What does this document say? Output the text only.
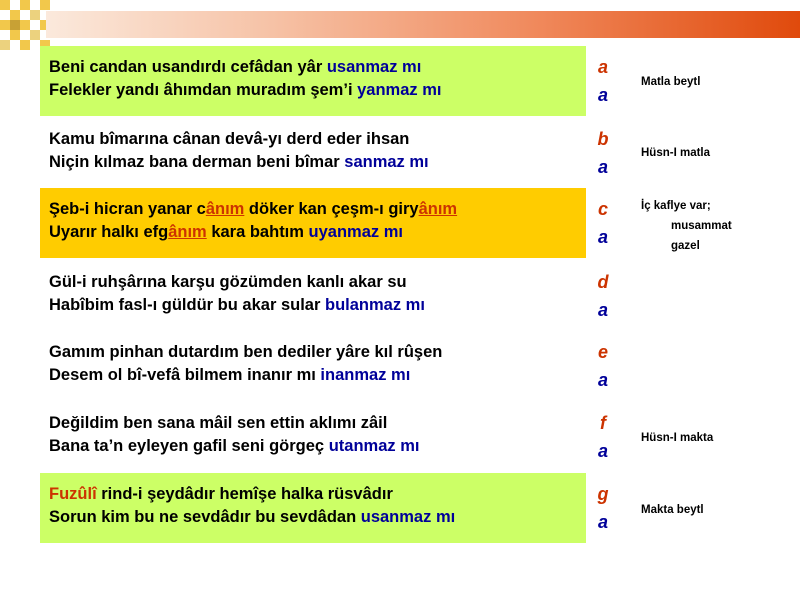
Beni candan usandırdı cefâdan yâr usanmaz mı
Felekler yandı âhımdan muradım şem’i yanmaz mı
a
a
Kamu bîmarına cânan devâ-yı derd eder ihsan
Niçin kılmaz bana derman beni bîmar sanmaz mı
b
a
Şeb-i hicran yanar cânım döker kan çeşm-ı giryânım
Uyarır halkı efgânım kara bahtım uyanmaz mı
c
a
Gül-i ruhşârına karşu gözümden kanlı akar su
Habîbim fasl-ı güldür bu akar sular bulanmaz mı
d
a
Gamım pinhan dutardım ben dediler yâre kıl rûşen
Desem ol bî-vefâ bilmem inanır mı inanmaz mı
e
a
Değildim ben sana mâil sen ettin aklımı zâil
Bana ta’n eyleyen gafil seni görgeç utanmaz mı
f
a
Fuzûlî rind-i şeydâdır hemîşe halka rüsvâdır
Sorun kim bu ne sevdâdır bu sevdâdan usanmaz mı
g
a
Matla beytl
Hüsn-I matla
İç kaflye var;
musammat
gazel
Hüsn-I makta
Makta beytl
